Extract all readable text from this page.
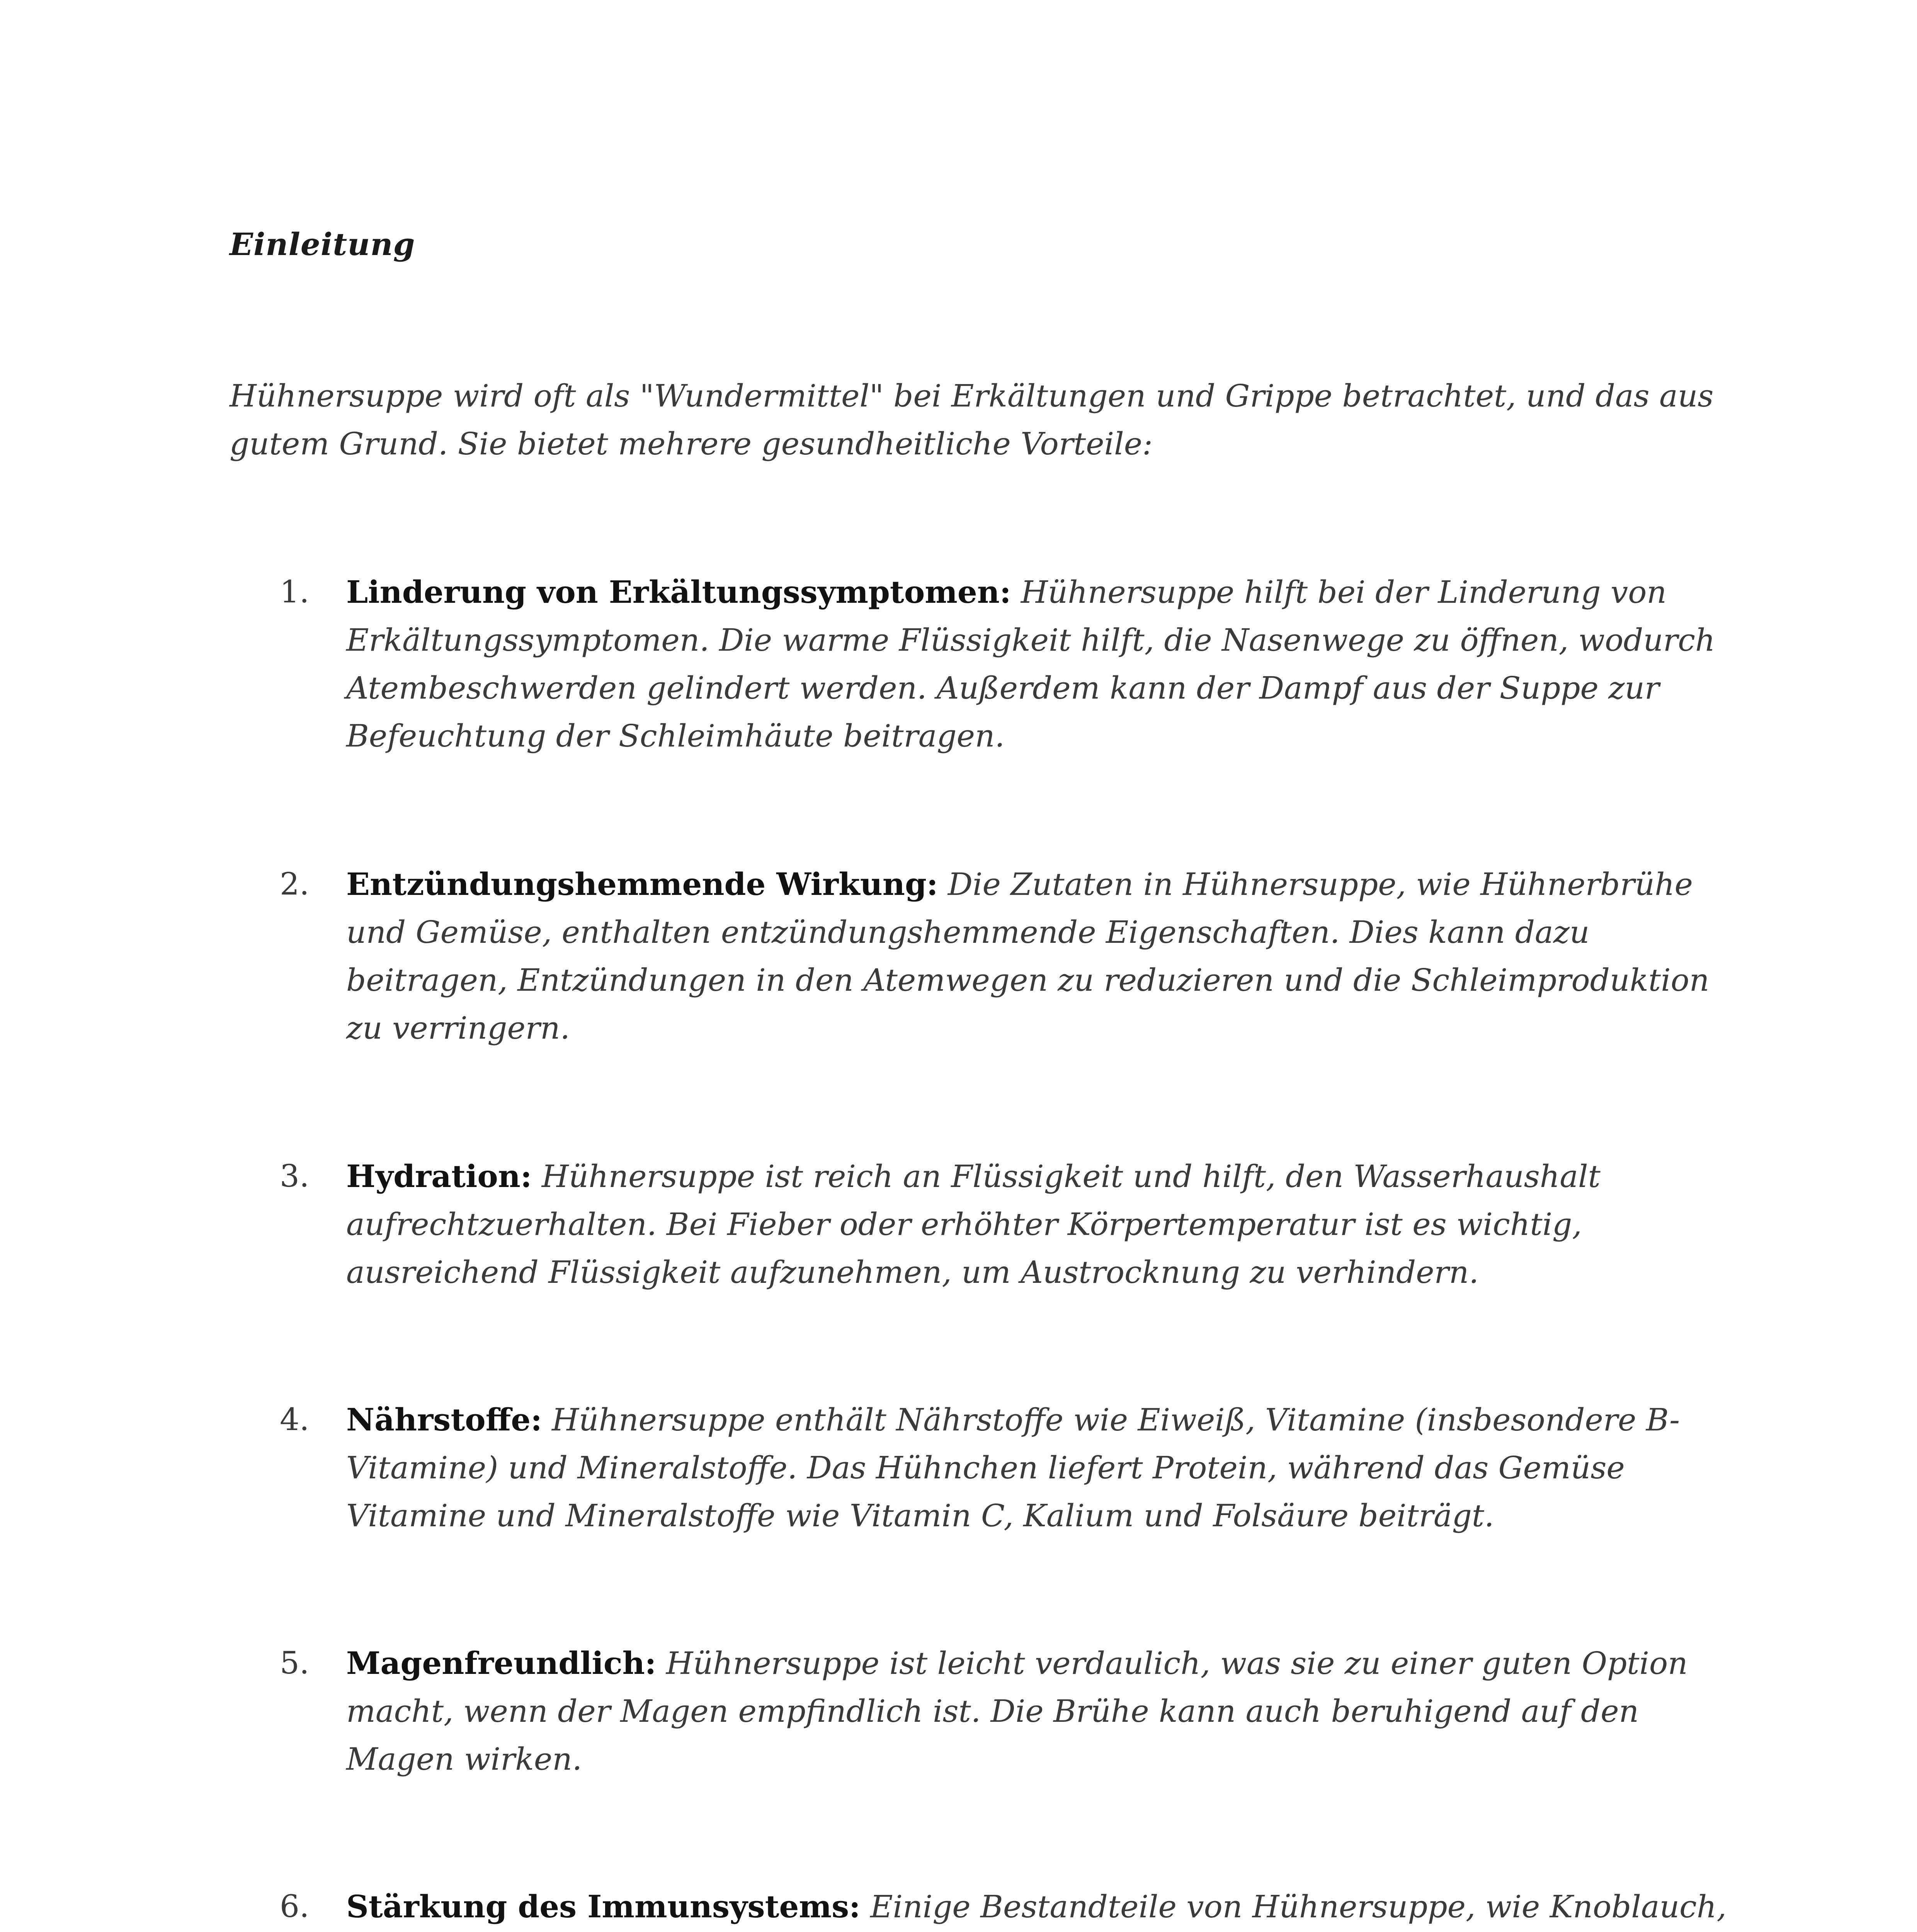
Einleitung

Hühnersuppe wird oft als "Wundermittel" bei Erkältungen und Grippe betrachtet, und das aus gutem Grund. Sie bietet mehrere gesundheitliche Vorteile:

1.	Linderung von Erkältungssymptomen: Hühnersuppe hilft bei der Linderung von Erkältungssymptomen. Die warme Flüssigkeit hilft, die Nasenwege zu öffnen, wodurch Atembeschwerden gelindert werden. Außerdem kann der Dampf aus der Suppe zur Befeuchtung der Schleimhäute beitragen.
2.	Entzündungshemmende Wirkung: Die Zutaten in Hühnersuppe, wie Hühnerbrühe und Gemüse, enthalten entzündungshemmende Eigenschaften. Dies kann dazu beitragen, Entzündungen in den Atemwegen zu reduzieren und die Schleimproduktion zu verringern.
3.	Hydration: Hühnersuppe ist reich an Flüssigkeit und hilft, den Wasserhaushalt aufrechtzuerhalten. Bei Fieber oder erhöhter Körpertemperatur ist es wichtig, ausreichend Flüssigkeit aufzunehmen, um Austrocknung zu verhindern.
4.	Nährstoffe: Hühnersuppe enthält Nährstoffe wie Eiweiß, Vitamine (insbesondere B-Vitamine) und Mineralstoffe. Das Hühnchen liefert Protein, während das Gemüse Vitamine und Mineralstoffe wie Vitamin C, Kalium und Folsäure beiträgt.
5.	Magenfreundlich: Hühnersuppe ist leicht verdaulich, was sie zu einer guten Option macht, wenn der Magen empfindlich ist. Die Brühe kann auch beruhigend auf den Magen wirken.
6.	Stärkung des Immunsystems: Einige Bestandteile von Hühnersuppe, wie Knoblauch,
